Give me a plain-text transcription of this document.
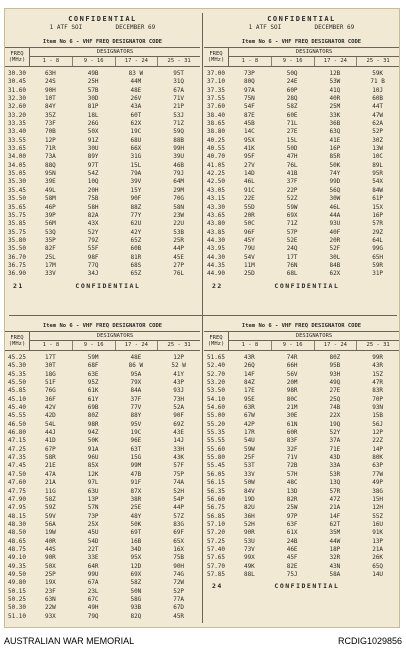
CONFIDENTIAL
1 ATF SOI	DECEMBER 69
Item No 6 - VHF FREQ DESIGNATOR CODE
FREQ (MHz)
DESIGNATORS
1 - 8	9 - 16	17 - 24	25 - 31
30.30	63H	49B	83 W	95T
30.45	24S	25H	44M	31Q
31.60	90H	57B	48E	67A
32.30	10T	30D	26V	71V
32.60	84Y	81P	43A	21P
33.20	35Z	18L	60T	53J
33.35	73F	26G	62X	71Z
33.40	70B	50X	19C	59Q
33.55	12P	91Z	68U	88B
33.65	71R	30U	66X	99H
34.00	73A	89Y	31G	39U
34.05	88Q	97T	15L	46B
35.05	95N	54Z	79A	79J
35.30	39E	10Q	39V	64M
35.45	49L	20H	15Y	29M
35.50	58M	75B	90F	70G
35.65	46P	58H	88Z	58N
35.75	39P	82A	77Y	23W
35.85	56M	43X	62U	22U
35.75	53Q	52Y	42Y	53B
35.80	35P	79Z	65Z	25R
35.50	82F	55F	60B	44P
36.70	25L	98F	81R	45E
36.75	17M	77Q	68S	27P
36.90	33V	34J	65Z	76L
21	CONFIDENTIAL
CONFIDENTIAL
1 ATF SOI	DECEMBER 69
Item No 6 - VHF FREQ DESIGNATOR CODE
FREQ (MHz)
DESIGNATORS
1 - 8	9 - 16	17 - 24	25 - 31
37.00	73P	50Q	12B	59K
37.10	80Q	24E	53W	71 B
37.35	97A	60P	41Q	10J
37.55	75N	28Q	40R	60B
37.60	54F	58Z	25M	44T
38.40	87E	60E	33K	47W
38.65	45B	71L	36B	62A
38.80	14C	27E	63Q	52P
40.25	95X	15L	41E	30Z
40.55	41K	50D	16P	13W
40.70	95F	47H	85R	10C
41.05	27V	76L	50K	89L
42.25	14D	41B	74Y	95R
42.50	46L	37F	99D	54X
43.05	91C	22P	56Q	84W
43.15	22E	52Z	30W	61P
43.30	55D	59W	46L	15X
43.65	20R	69X	44A	16P
43.80	50C	71Z	93U	57R
43.85	96F	57P	40F	29Z
44.30	45Y	52E	20R	64L
43.95	79U	24Q	52F	99G
44.30	54V	17T	30L	65H
44.35	11M	76N	84B	59R
44.90	25D	68L	62X	31P
22	CONFIDENTIAL
Item No 6 - VHF FREQ DESIGNATOR CODE
FREQ (MHz)
DESIGNATORS
1 - 8	9 - 16	17 - 24	25 - 31
45.25	17T	59M	48E	12P
45.30	30T	68F	86 W	52 W
45.35	18G	63E	95A	41Y
45.50	51F	95Z	79X	43P
45.85	76G	61K	84A	93J
45.10	36F	61Y	37F	73H
45.40	42V	69B	77V	52A
45.55	42D	80Z	88Y	90F
46.50	54L	98R	95V	69Z
46.80	44J	94Z	19C	43E
47.15	41D	50K	96E	14J
47.25	67P	91A	63T	33H
47.35	58R	96U	15G	43K
47.45	21E	85X	99M	57F
47.50	47A	12K	47B	75P
47.60	21A	97L	91F	74A
47.75	11G	63U	87X	52H
47.90	58Z	13P	38R	54P
47.95	59Z	57N	25E	44P
48.15	59V	73P	48Y	57Z
48.30	56A	25X	50K	83G
48.50	19W	45U	69T	69F
48.65	40R	54D	16B	65X
48.75	44S	22T	34D	16X
49.10	90R	33E	95X	75B
49.35	50X	64R	12D	90H
49.50	25P	99U	69X	74G
49.80	19X	67A	58Z	72W
50.15	23F	23L	50N	52P
50.25	63N	67C	58G	77A
50.30	22W	49H	93B	67D
51.10	93X	79Q	82Q	45R
Item No 6 - VHF FREQ DESIGNATOR CODE
FREQ (MHz)
DESIGNATORS
1 - 8	9 - 16	17 - 24	25 - 31
51.65	43R	74R	80Z	99R
52.40	26Q	66H	95B	43R
52.70	14F	56V	93H	15Z
53.20	84Z	20M	49Q	47R
53.50	17E	98R	27E	83R
54.10	95E	80C	25Q	70P
54.60	63R	21M	74B	93N
55.00	67W	30E	22X	15B
55.20	42P	61N	19Q	56J
55.35	17R	60R	52Y	12P
55.55	54U	83F	37A	22Z
55.60	59W	32F	71E	14P
55.80	25F	71V	43D	80K
55.45	53T	72B	33A	63P
56.05	33V	57H	53R	77W
56.15	50W	48C	13Q	49P
56.35	84V	13D	57R	38G
56.60	19D	82R	47Z	15H
56.75	82U	25W	21A	12H
56.85	36H	97P	14F	55Z
57.10	52H	63F	62T	16U
57.20	90R	61X	35M	91K
57.25	53U	24B	44W	13P
57.40	73V	46E	18P	21A
57.65	99X	45F	32R	26K
57.70	49K	82E	43N	65Q
57.85	88L	75J	58A	14U
24	CONFIDENTIAL
AUSTRALIAN WAR MEMORIAL	RCDIG1029856
